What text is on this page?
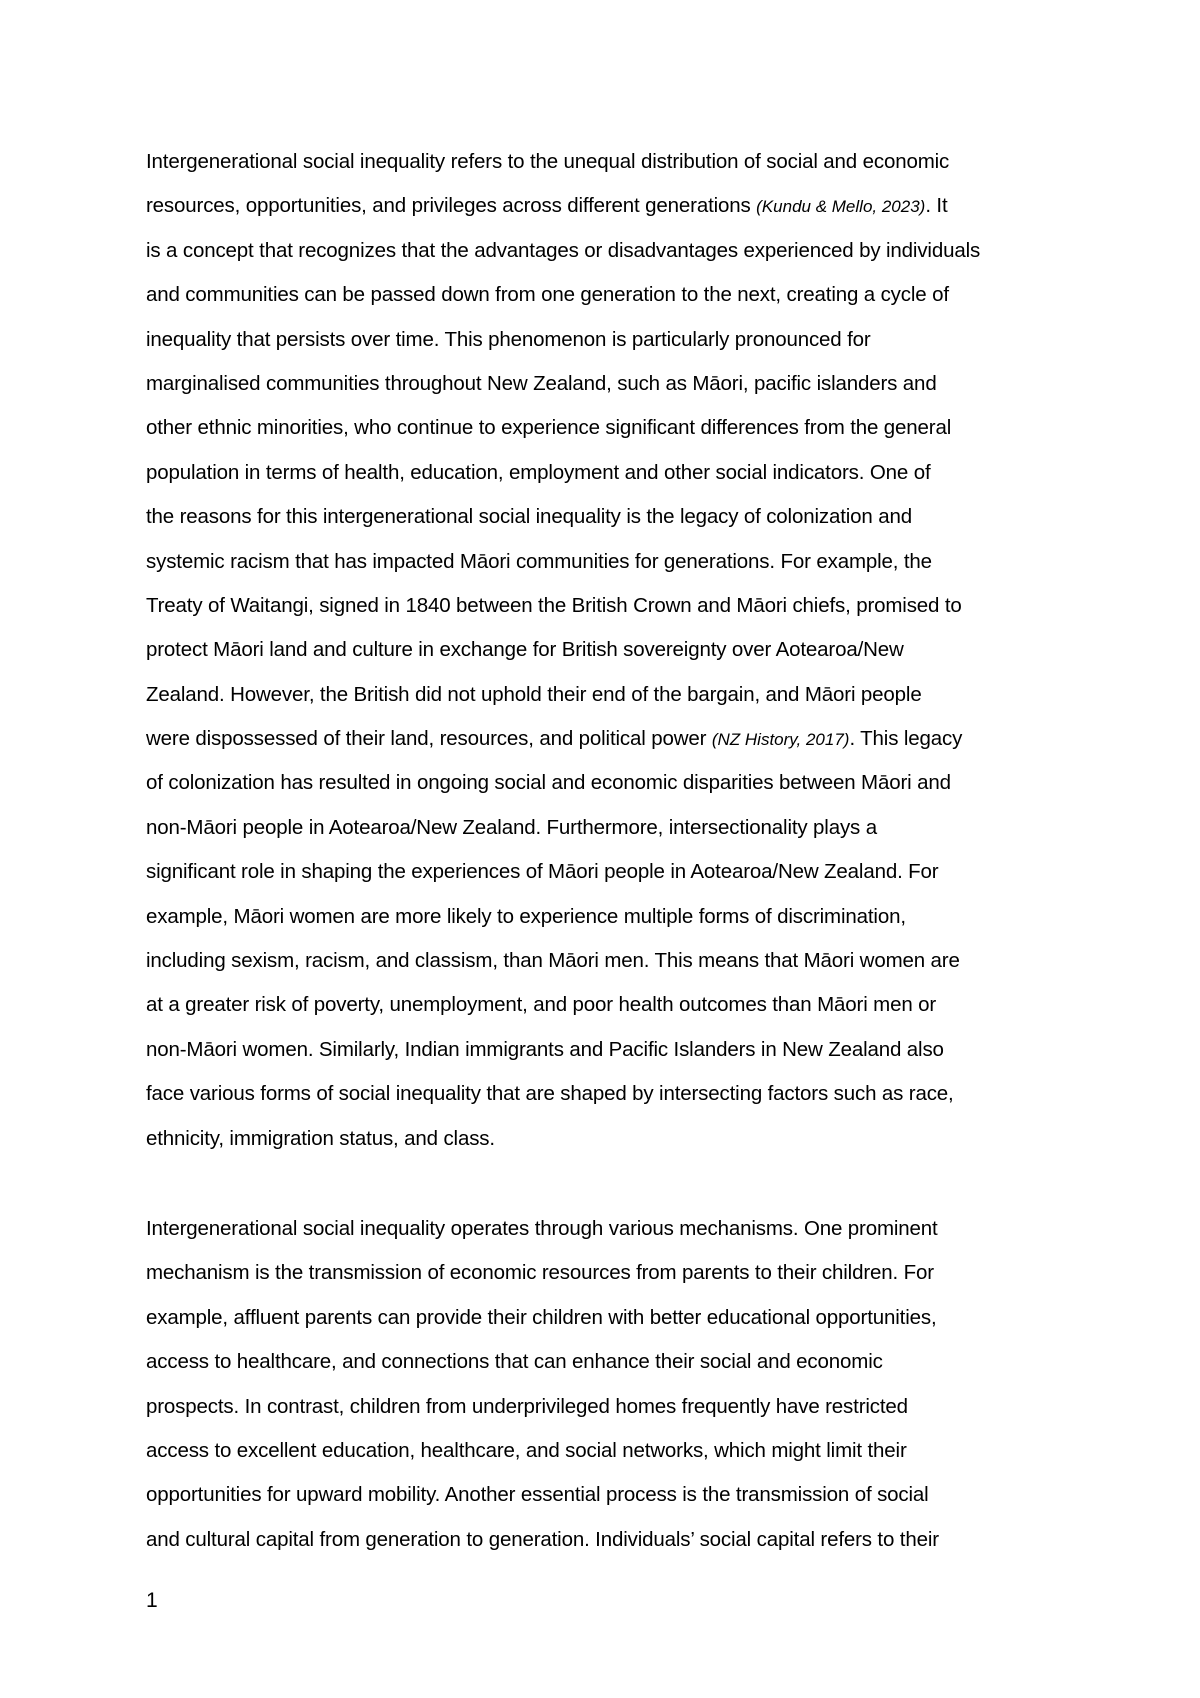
Intergenerational social inequality refers to the unequal distribution of social and economic
resources, opportunities, and privileges across different generations (Kundu & Mello, 2023). It
is a concept that recognizes that the advantages or disadvantages experienced by individuals
and communities can be passed down from one generation to the next, creating a cycle of
inequality that persists over time. This phenomenon is particularly pronounced for
marginalised communities throughout New Zealand, such as Māori, pacific islanders and
other ethnic minorities, who continue to experience significant differences from the general
population in terms of health, education, employment and other social indicators. One of
the reasons for this intergenerational social inequality is the legacy of colonization and
systemic racism that has impacted Māori communities for generations. For example, the
Treaty of Waitangi, signed in 1840 between the British Crown and Māori chiefs, promised to
protect Māori land and culture in exchange for British sovereignty over Aotearoa/New
Zealand. However, the British did not uphold their end of the bargain, and Māori people
were dispossessed of their land, resources, and political power (NZ History, 2017). This legacy
of colonization has resulted in ongoing social and economic disparities between Māori and
non-Māori people in Aotearoa/New Zealand. Furthermore, intersectionality plays a
significant role in shaping the experiences of Māori people in Aotearoa/New Zealand. For
example, Māori women are more likely to experience multiple forms of discrimination,
including sexism, racism, and classism, than Māori men. This means that Māori women are
at a greater risk of poverty, unemployment, and poor health outcomes than Māori men or
non-Māori women. Similarly, Indian immigrants and Pacific Islanders in New Zealand also
face various forms of social inequality that are shaped by intersecting factors such as race,
ethnicity, immigration status, and class.

Intergenerational social inequality operates through various mechanisms. One prominent
mechanism is the transmission of economic resources from parents to their children. For
example, affluent parents can provide their children with better educational opportunities,
access to healthcare, and connections that can enhance their social and economic
prospects. In contrast, children from underprivileged homes frequently have restricted
access to excellent education, healthcare, and social networks, which might limit their
opportunities for upward mobility. Another essential process is the transmission of social
and cultural capital from generation to generation. Individuals’ social capital refers to their

1
